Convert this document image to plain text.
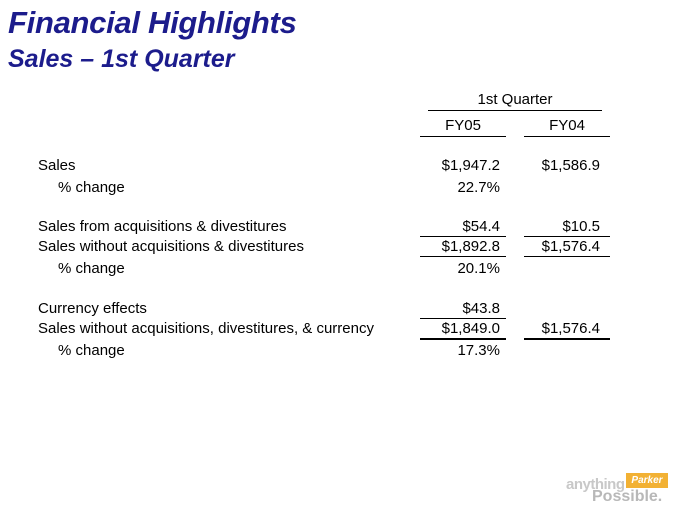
Financial Highlights
Sales – 1st Quarter
1st Quarter
FY05	FY04
Sales	$1,947.2	$1,586.9
% change	22.7%
Sales from acquisitions & divestitures	$54.4	$10.5
Sales without acquisitions & divestitures	$1,892.8	$1,576.4
% change	20.1%
Currency effects	$43.8
Sales without acquisitions, divestitures, & currency	$1,849.0	$1,576.4
% change	17.3%
anything Parker
Possible.
